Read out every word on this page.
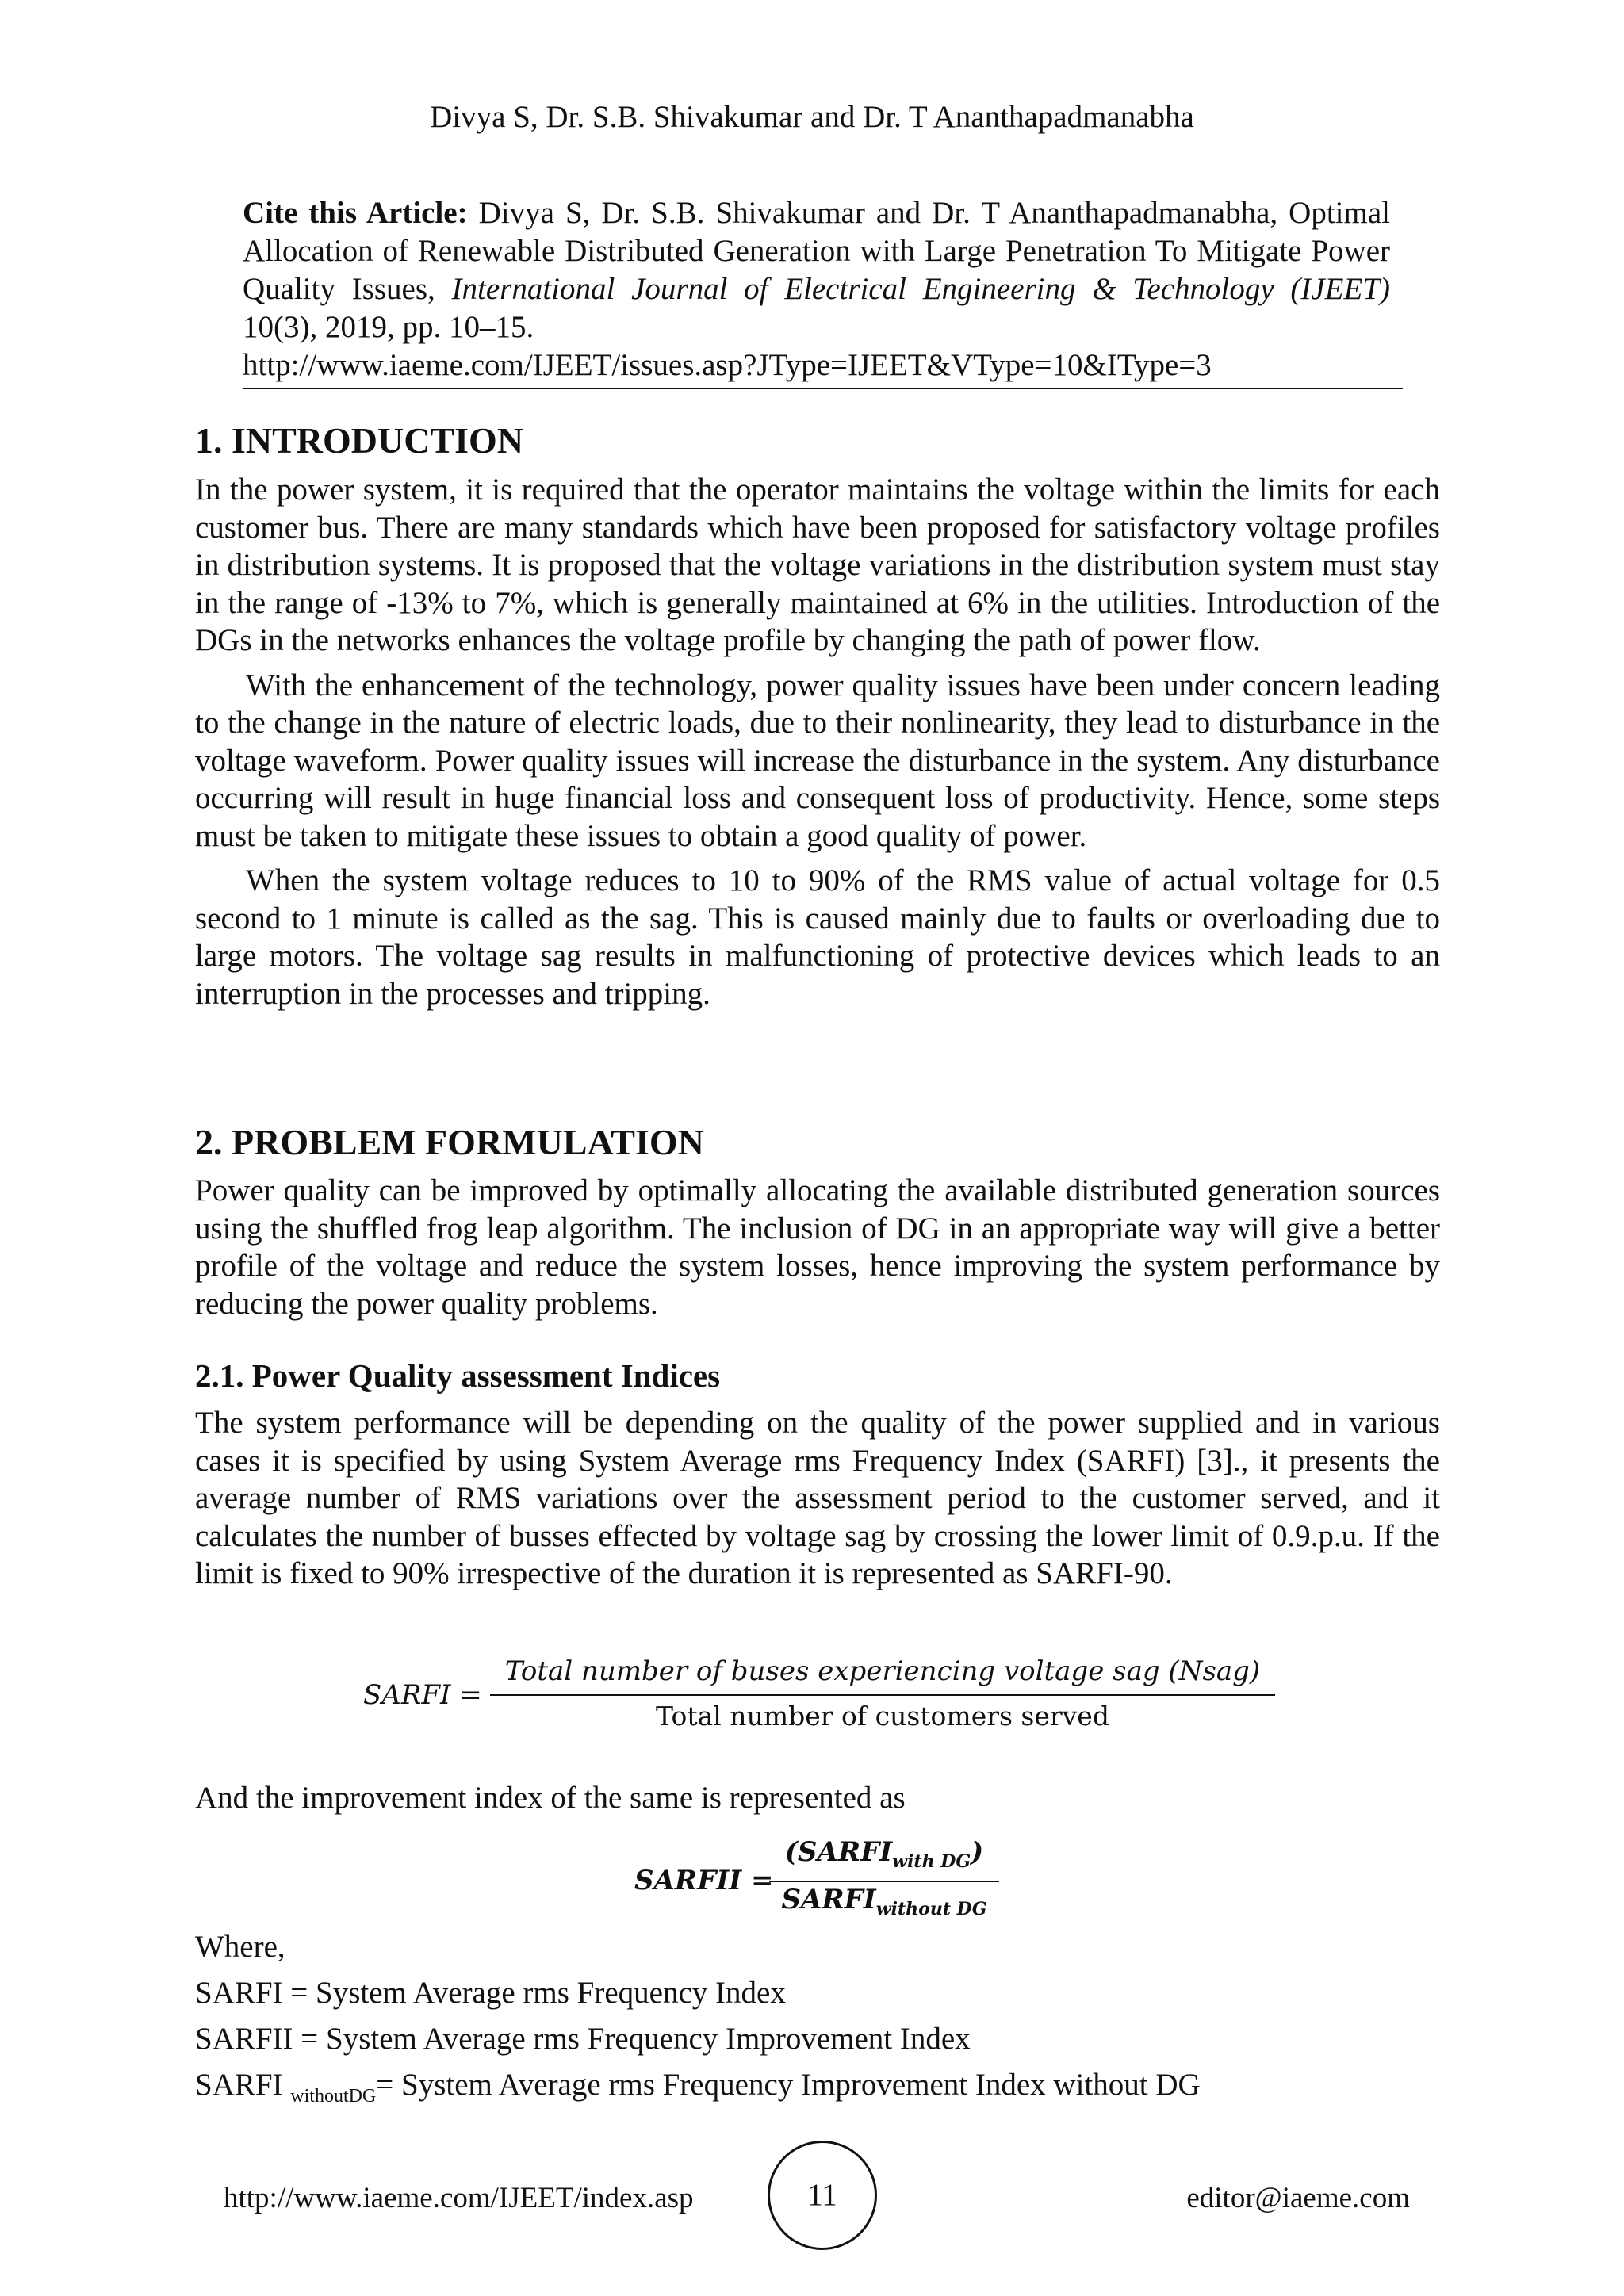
Divya S, Dr. S.B. Shivakumar and Dr. T Ananthapadmanabha
Cite this Article: Divya S, Dr. S.B. Shivakumar and Dr. T Ananthapadmanabha, Optimal Allocation of Renewable Distributed Generation with Large Penetration To Mitigate Power Quality Issues, International Journal of Electrical Engineering & Technology (IJEET) 10(3), 2019, pp. 10–15.
http://www.iaeme.com/IJEET/issues.asp?JType=IJEET&VType=10&IType=3
1. INTRODUCTION

In the power system, it is required that the operator maintains the voltage within the limits for each customer bus. There are many standards which have been proposed for satisfactory voltage profiles in distribution systems. It is proposed that the voltage variations in the distribution system must stay in the range of -13% to 7%, which is generally maintained at 6% in the utilities. Introduction of the DGs in the networks enhances the voltage profile by changing the path of power flow.

With the enhancement of the technology, power quality issues have been under concern leading to the change in the nature of electric loads, due to their nonlinearity, they lead to disturbance in the voltage waveform. Power quality issues will increase the disturbance in the system. Any disturbance occurring will result in huge financial loss and consequent loss of productivity. Hence, some steps must be taken to mitigate these issues to obtain a good quality of power.

When the system voltage reduces to 10 to 90% of the RMS value of actual voltage for 0.5 second to 1 minute is called as the sag. This is caused mainly due to faults or overloading due to large motors. The voltage sag results in malfunctioning of protective devices which leads to an interruption in the processes and tripping.

2. PROBLEM FORMULATION

Power quality can be improved by optimally allocating the available distributed generation sources using the shuffled frog leap algorithm. The inclusion of DG in an appropriate way will give a better profile of the voltage and reduce the system losses, hence improving the system performance by reducing the power quality problems.

2.1. Power Quality assessment Indices

The system performance will be depending on the quality of the power supplied and in various cases it is specified by using System Average rms Frequency Index (SARFI) [3]., it presents the average number of RMS variations over the assessment period to the customer served, and it calculates the number of busses effected by voltage sag by crossing the lower limit of 0.9.p.u. If the limit is fixed to 90% irrespective of the duration it is represented as SARFI-90.

SARFI =
Total number of buses experiencing voltage sag (Nsag)
Total number of customers served
And the improvement index of the same is represented as
SARFII =
$(SARFI_{with DG})$
$SARFI_{without DG}$
Where,
SARFI = System Average rms Frequency Index
SARFII = System Average rms Frequency Improvement Index
SARFI $_{withoutDG}$= System Average rms Frequency Improvement Index without DG
http://www.iaeme.com/IJEET/index.asp	11	editor@iaeme.com
